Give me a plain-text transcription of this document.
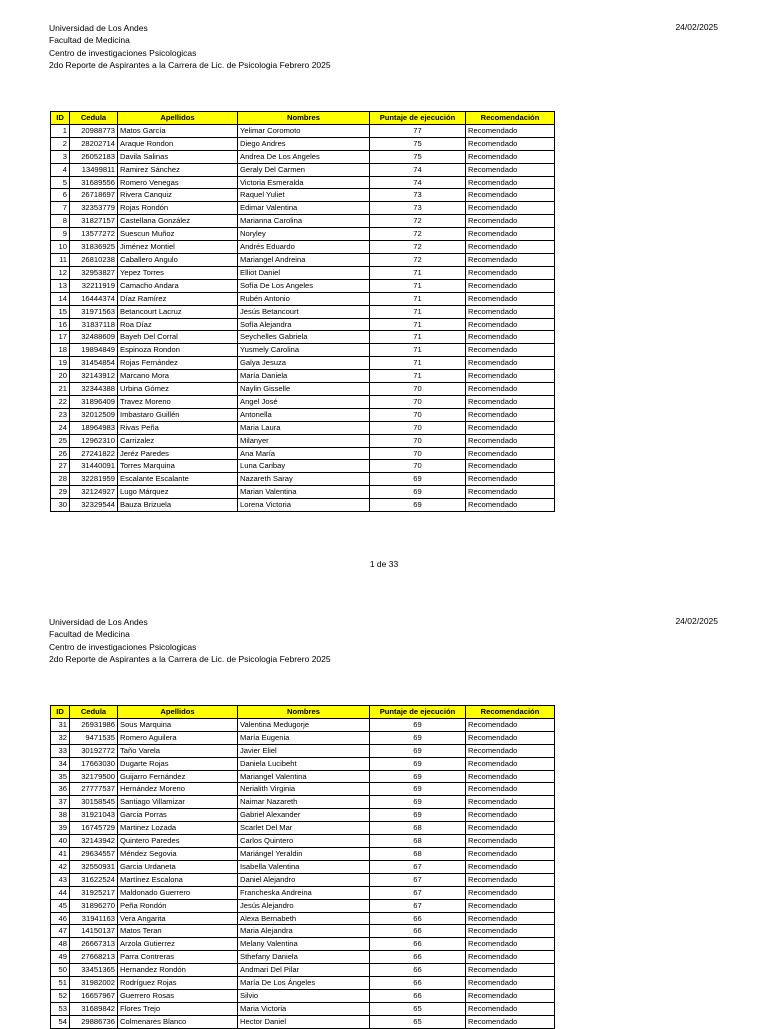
Universidad de Los Andes
Facultad de Medicina
Centro de investigaciones Psicologicas
2do Reporte de Aspirantes a la Carrera de Lic. de Psicologia Febrero 2025
24/02/2025
ID	Cedula	Apellidos	Nombres	Puntaje de ejecución	Recomendación
1	20988773	Matos García	Yelimar Coromoto	77	Recomendado
2	28202714	Araque Rondon	Diego Andres	75	Recomendado
3	26052183	Davila Salinas	Andrea De Los Angeles	75	Recomendado
4	13499811	Ramirez Sánchez	Geraly Del Carmen	74	Recomendado
5	31689556	Romero Venegas	Victoria Esmeralda	74	Recomendado
6	26718697	Rivera Canquiz	Raquel Yuliet	73	Recomendado
7	32353779	Rojas Rondón	Edimar Valentina	73	Recomendado
8	31827157	Castellana González	Marianna Carolina	72	Recomendado
9	13577272	Suescun Muñoz	Noryley	72	Recomendado
10	31836925	Jiménez Montiel	Andrés Eduardo	72	Recomendado
11	26810238	Caballero Angulo	Mariangel Andreina	72	Recomendado
12	32953827	Yepez Torres	Elliot Daniel	71	Recomendado
13	32211919	Camacho Andara	Sofía De Los Angeles	71	Recomendado
14	16444374	Díaz Ramírez	Rubén Antonio	71	Recomendado
15	31971563	Betancourt Lacruz	Jesús Betancourt	71	Recomendado
16	31837118	Roa Díaz	Sofía Alejandra	71	Recomendado
17	32488609	Bayeh Del Corral	Seychelles Gabriela	71	Recomendado
18	19894849	Espinoza Rondon	Yusmely Carolina	71	Recomendado
19	31454854	Rojas Fernández	Galya Jesuza	71	Recomendado
20	32143912	Marcano Mora	María Daniela	71	Recomendado
21	32344388	Urbina Gómez	Naylin Gisselle	70	Recomendado
22	31896409	Travez Moreno	Angel José	70	Recomendado
23	32012509	Imbastaro Guillén	Antonella	70	Recomendado
24	18964983	Rivas Peña	Maria Laura	70	Recomendado
25	12962310	Carrizalez	Milanyer	70	Recomendado
26	27241822	Jeréz Paredes	Ana María	70	Recomendado
27	31440091	Torres Marquina	Luna Caribay	70	Recomendado
28	32281959	Escalante Escalante	Nazareth Saray	69	Recomendado
29	32124927	Lugo Márquez	Marian Valentina	69	Recomendado
30	32329544	Bauza Brizuela	Lorena Victoria	69	Recomendado
1 de 33
Universidad de Los Andes
Facultad de Medicina
Centro de investigaciones Psicologicas
2do Reporte de Aspirantes a la Carrera de Lic. de Psicologia Febrero 2025
24/02/2025
ID	Cedula	Apellidos	Nombres	Puntaje de ejecución	Recomendación
31	26931986	Sous Marquina	Valentina Medugorje	69	Recomendado
32	9471535	Romero Aguilera	María Eugenia	69	Recomendado
33	30192772	Taño Varela	Javier Eliel	69	Recomendado
34	17663030	Dugarte Rojas	Daniela Lucibeht	69	Recomendado
35	32179500	Guijarro Fernández	Mariangel Valentina	69	Recomendado
36	27777537	Hernández Moreno	Nerialith Virginia	69	Recomendado
37	30158545	Santiago Villamizar	Naimar Nazareth	69	Recomendado
38	31921043	Garcia Porras	Gabriel Alexander	69	Recomendado
39	16745729	Martinez Lozada	Scarlet Del Mar	68	Recomendado
40	32143942	Quintero Paredes	Carlos Quintero	68	Recomendado
41	29634557	Méndez Segovia	Mariángel Yeraldin	68	Recomendado
42	32550931	Garcia Urdaneta	Isabella Valentina	67	Recomendado
43	31622524	Martínez Escalona	Daniel Alejandro	67	Recomendado
44	31925217	Maldonado Guerrero	Francheska Andreina	67	Recomendado
45	31896270	Peña Rondón	Jesús Alejandro	67	Recomendado
46	31941163	Vera Angarita	Alexa Bernabeth	66	Recomendado
47	14150137	Matos Teran	Maria Alejandra	66	Recomendado
48	26667313	Arzola Gutierrez	Melany Valentina	66	Recomendado
49	27668213	Parra Contreras	Sthefany Daniela	66	Recomendado
50	33451365	Hernandez Rondón	Andmari Del Pilar	66	Recomendado
51	31982002	Rodríguez Rojas	María De Los Ángeles	66	Recomendado
52	16657967	Guerrero Rosas	Silvio	66	Recomendado
53	31689842	Flores Trejo	Maria Victoria	65	Recomendado
54	29886736	Colmenares Blanco	Hector Daniel	65	Recomendado
